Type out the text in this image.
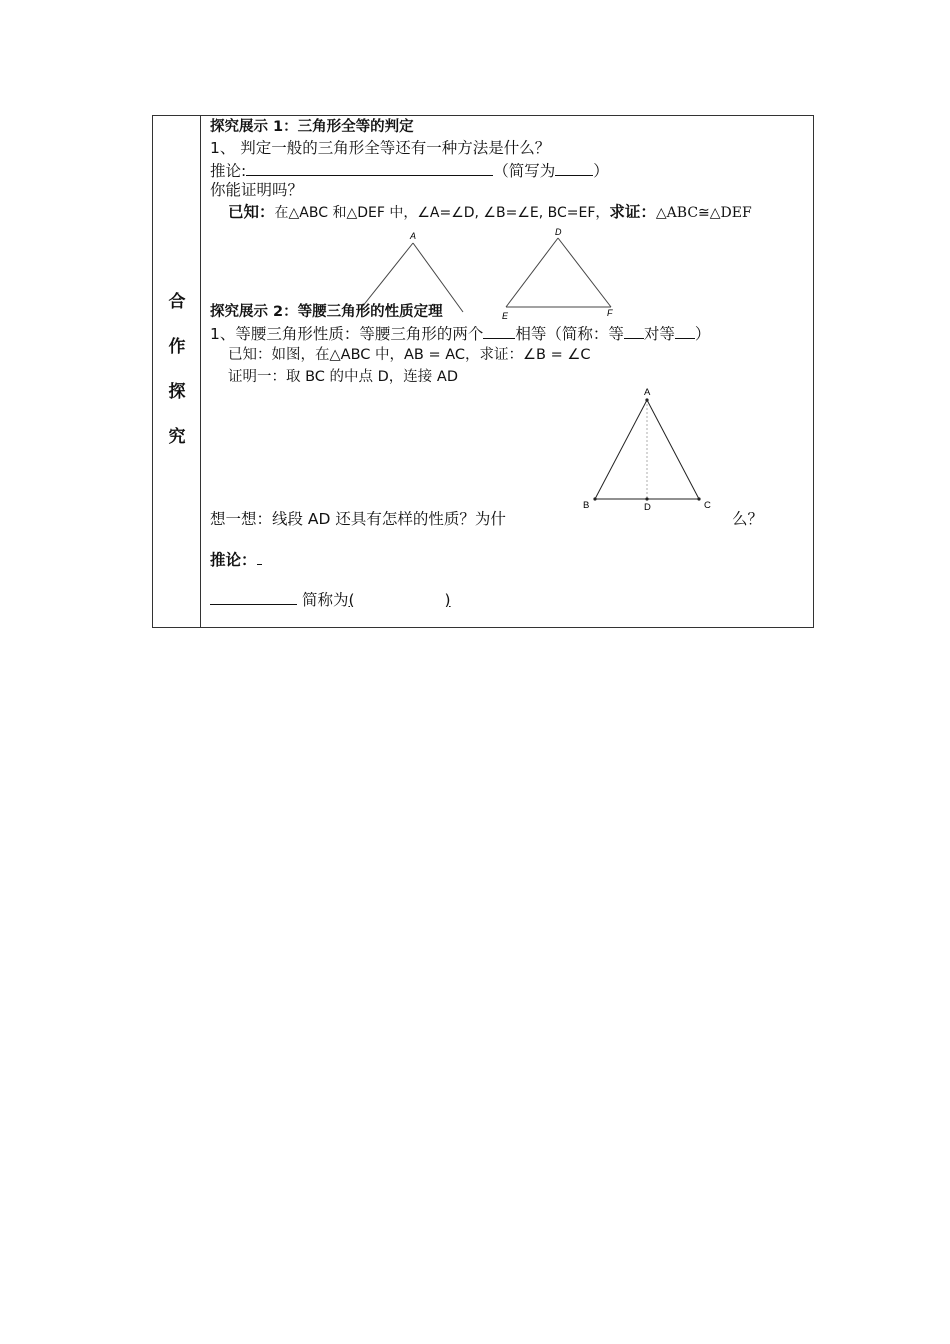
合
作
探
究
探究展示 1：三角形全等的判定
1、 判定一般的三角形全等还有一种方法是什么？
推论:	（简写为 ）
你能证明吗？
已知：在△ABC 和△DEF 中，∠A=∠D, ∠B=∠E, BC=EF，求证：△ABC≅△DEF
A	D
E	F
探究展示 2：等腰三角形的性质定理
1、等腰三角形性质：等腰三角形的两个 相等（简称：等 对等 ）
已知：如图，在△ABC 中，AB = AC，求证：∠B = ∠C
证明一：取 BC 的中点 D，连接 AD
A
B	C
D
想一想：线段 AD 还具有怎样的性质？为什	么？
推论：
简称为(	)
